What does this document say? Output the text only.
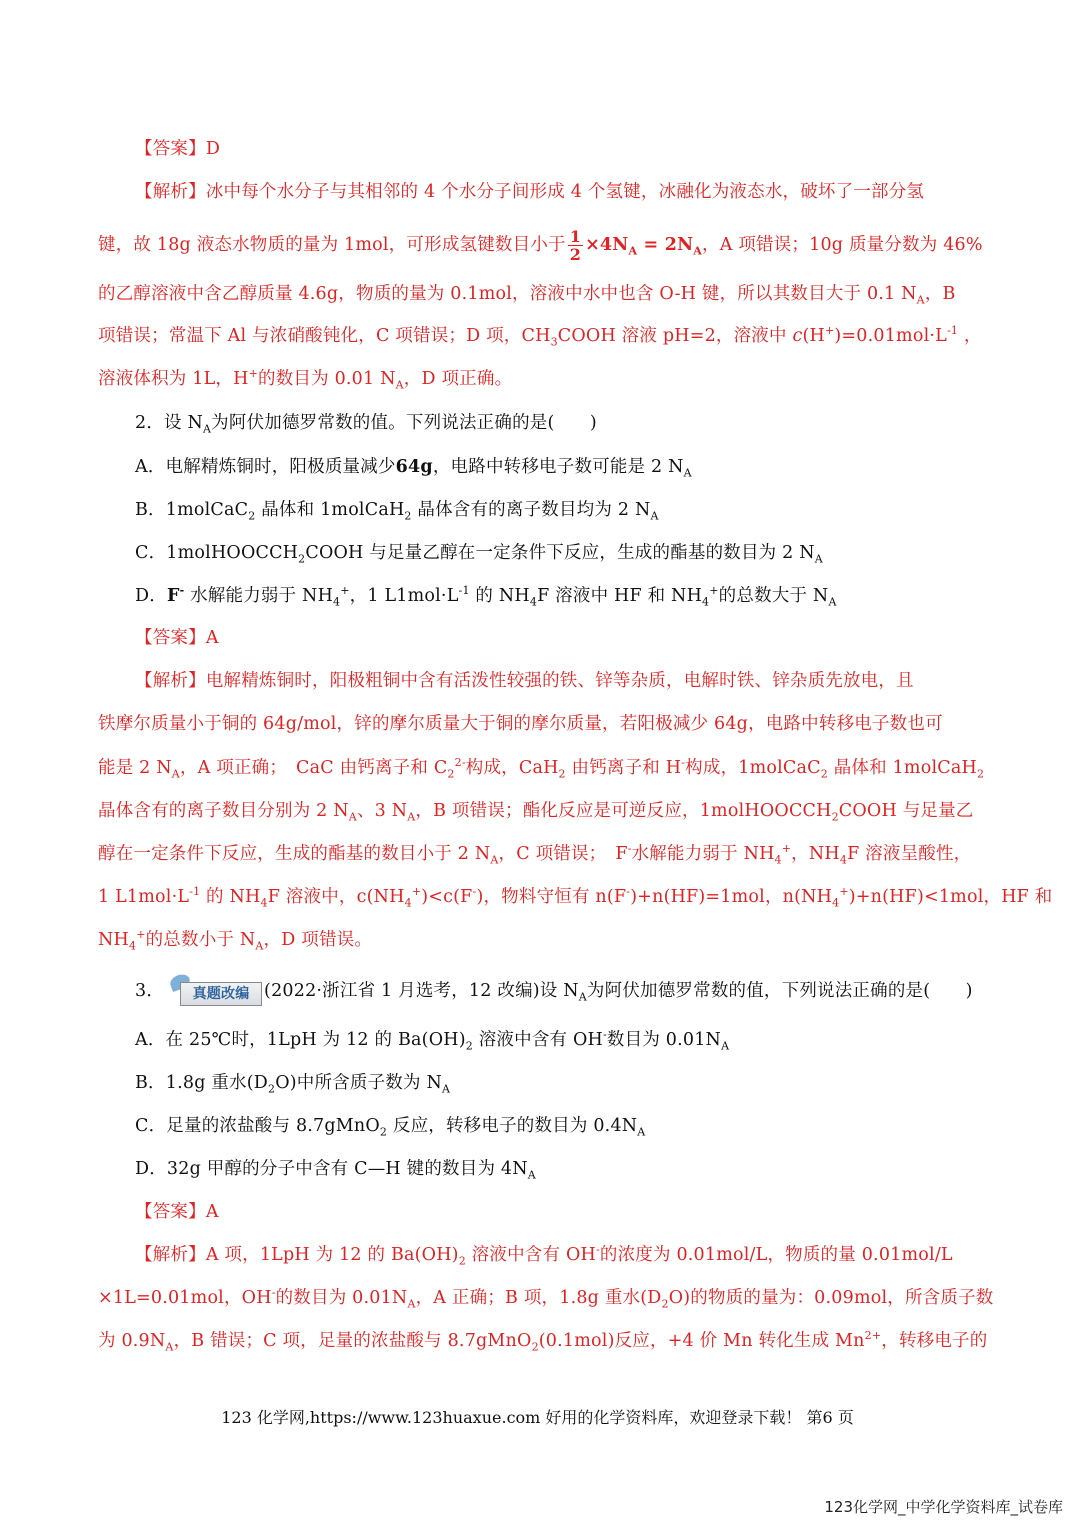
【答案】D
【解析】冰中每个水分子与其相邻的 4 个水分子间形成 4 个氢键，冰融化为液态水，破坏了一部分氢
键，故 18g 液态水物质的量为 1mol，可形成氢键数目小于 $\frac{1}{2} \times 4N_A = 2N_A$，A 项错误；10g 质量分数为 46%
的乙醇溶液中含乙醇质量 4.6g，物质的量为 0.1mol，溶液中水中也含 O-H 键，所以其数目大于 0.1 $N_A$，B
项错误；常温下 Al 与浓硝酸钝化，C 项错误；D 项，$CH_3COOH$ 溶液 pH=2，溶液中 $c(H^+)=0.01mol\cdot L^{-1}$ ，
溶液体积为 1L，H+的数目为 0.01 $N_A$，D 项正确。
2．设 $N_A$为阿伏加德罗常数的值。下列说法正确的是(　　)
A．电解精炼铜时，阳极质量减少64g，电路中转移电子数可能是 2 $N_A$
B．1molCaC$_2$ 晶体和 1molCaH$_2$ 晶体含有的离子数目均为 2 $N_A$
C．1molHOOCCH$_2$COOH 与足量乙醇在一定条件下反应，生成的酯基的数目为 2 $N_A$
D．F- 水解能力弱于 $NH_4^+$，1 $L1mol\cdot L^{-1}$ 的 $NH_4F$ 溶液中 HF 和 $NH_4^+$的总数大于 $N_A$
【答案】A
【解析】电解精炼铜时，阳极粗铜中含有活泼性较强的铁、锌等杂质，电解时铁、锌杂质先放电，且
铁摩尔质量小于铜的 64g/mol，锌的摩尔质量大于铜的摩尔质量，若阳极减少 64g，电路中转移电子数也可
能是 2 $N_A$，A 项正确；　CaC 由钙离子和 $C_2^{2-}$构成，CaH$_2$ 由钙离子和 H-构成，1molCaC$_2$ 晶体和 1molCaH$_2$
晶体含有的离子数目分别为 2 $N_A$、3 $N_A$，B 项错误；酯化反应是可逆反应，1molHOOCCH$_2$COOH 与足量乙
醇在一定条件下反应，生成的酯基的数目小于 2 $N_A$，C 项错误；　F-水解能力弱于 $NH_4^+$，$NH_4F$ 溶液呈酸性，
1 $L1mol\cdot L^{-1}$ 的 $NH_4F$ 溶液中，$c(NH_4^+)<c(F^-)$，物料守恒有 n(F-)+n(HF)=1mol，$n(NH_4^+)+n(HF)<1mol$，HF 和
$NH_4^+$的总数小于 $N_A$，D 项错误。
3．	真题改编 (2022·浙江省 1 月选考，12 改编)设 $N_A$为阿伏加德罗常数的值，下列说法正确的是(　　)
A．在 25℃时，1LpH 为 12 的 $Ba(OH)_2$ 溶液中含有 OH-数目为 $0.01N_A$
B．1.8g 重水$(D_2O)$中所含质子数为 $N_A$
C．足量的浓盐酸与 8.7gMnO$_2$ 反应，转移电子的数目为 $0.4N_A$
D．32g 甲醇的分子中含有 C—H 键的数目为 $4N_A$
【答案】A
【解析】A 项，1LpH 为 12 的 $Ba(OH)_2$ 溶液中含有 OH-的浓度为 0.01mol/L，物质的量 0.01mol/L
×1L=0.01mol，OH-的数目为 $0.01N_A$，A 正确；B 项，1.8g 重水$(D_2O)$的物质的量为：0.09mol，所含质子数
为 $0.9N_A$，B 错误；C 项，足量的浓盐酸与 8.7gMnO$_2$(0.1mol)反应，+4 价 Mn 转化生成 $Mn^{2+}$，转移电子的
123 化学网,https://www.123huaxue.com 好用的化学资料库，欢迎登录下载！ 第6 页
123化学网_中学化学资料库_试卷库
